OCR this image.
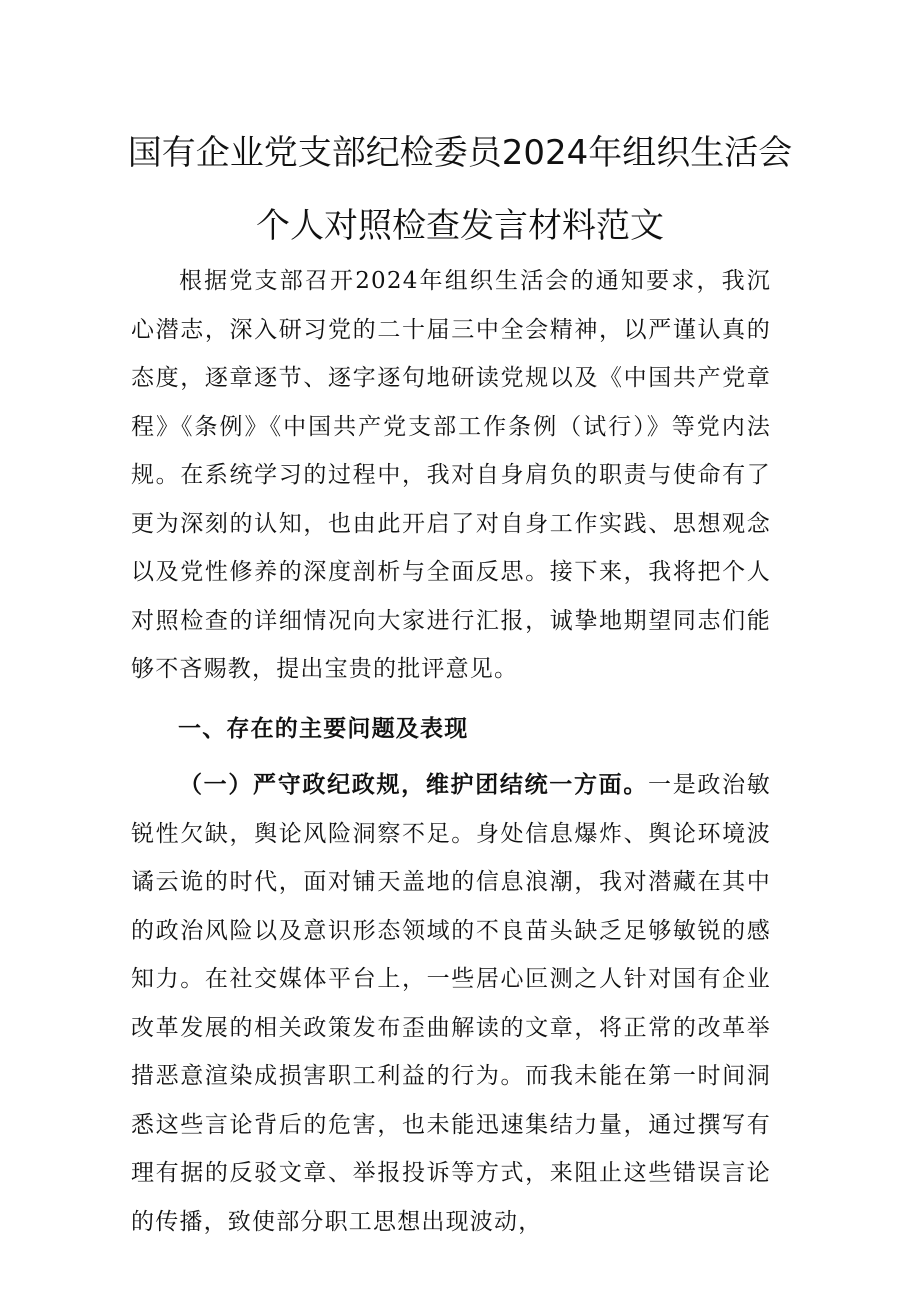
国有企业党支部纪检委员2024年组织生活会
个人对照检查发言材料范文
根据党支部召开2024年组织生活会的通知要求，我沉心潜志，深入研习党的二十届三中全会精神，以严谨认真的态度，逐章逐节、逐字逐句地研读党规以及《中国共产党章程》《条例》《中国共产党支部工作条例（试行）》等党内法规。在系统学习的过程中，我对自身肩负的职责与使命有了更为深刻的认知，也由此开启了对自身工作实践、思想观念以及党性修养的深度剖析与全面反思。接下来，我将把个人对照检查的详细情况向大家进行汇报，诚挚地期望同志们能够不吝赐教，提出宝贵的批评意见。
一、存在的主要问题及表现
（一）严守政纪政规，维护团结统一方面。一是政治敏锐性欠缺，舆论风险洞察不足。身处信息爆炸、舆论环境波谲云诡的时代，面对铺天盖地的信息浪潮，我对潜藏在其中的政治风险以及意识形态领域的不良苗头缺乏足够敏锐的感知力。在社交媒体平台上，一些居心叵测之人针对国有企业改革发展的相关政策发布歪曲解读的文章，将正常的改革举措恶意渲染成损害职工利益的行为。而我未能在第一时间洞悉这些言论背后的危害，也未能迅速集结力量，通过撰写有理有据的反驳文章、举报投诉等方式，来阻止这些错误言论的传播，致使部分职工思想出现波动，
